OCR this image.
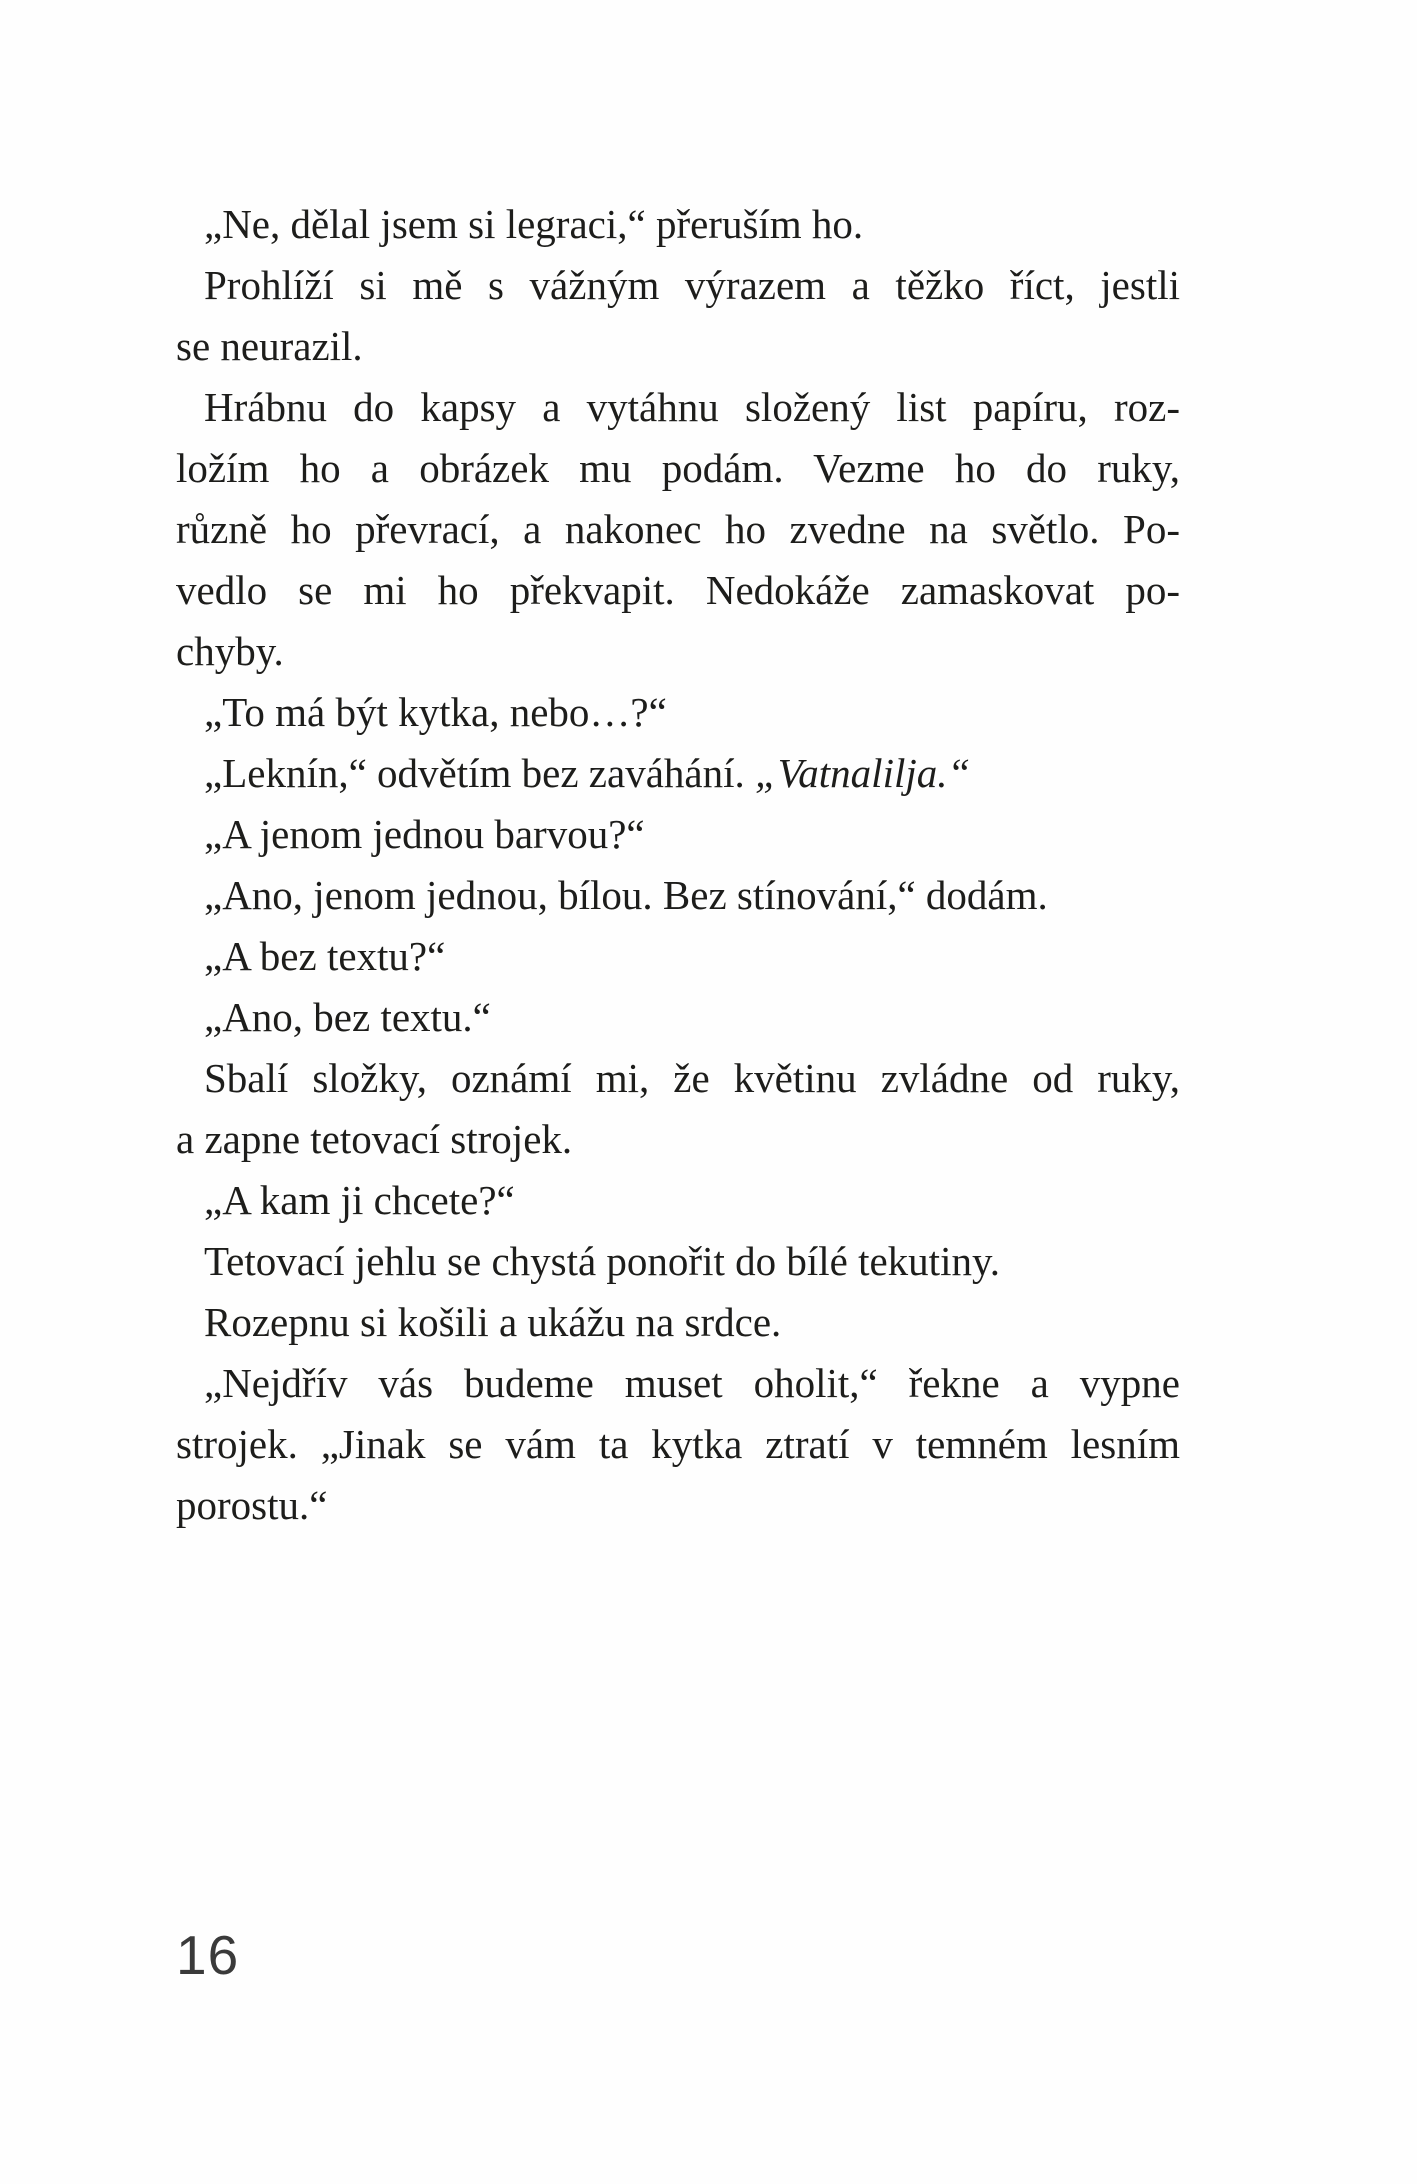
„Ne, dělal jsem si legraci,“ přeruším ho.
Prohlíží si mě s vážným výrazem a těžko říct, jestli
se neurazil.
Hrábnu do kapsy a vytáhnu složený list papíru, roz-
ložím ho a obrázek mu podám. Vezme ho do ruky,
různě ho převrací, a nakonec ho zvedne na světlo. Po-
vedlo se mi ho překvapit. Nedokáže zamaskovat po-
chyby.
„To má být kytka, nebo…?“
„Leknín,“ odvětím bez zaváhání. „Vatnalilja.“
„A jenom jednou barvou?“
„Ano, jenom jednou, bílou. Bez stínování,“ dodám.
„A bez textu?“
„Ano, bez textu.“
Sbalí složky, oznámí mi, že květinu zvládne od ruky,
a zapne tetovací strojek.
„A kam ji chcete?“
Tetovací jehlu se chystá ponořit do bílé tekutiny.
Rozepnu si košili a ukážu na srdce.
„Nejdřív vás budeme muset oholit,“ řekne a vypne
strojek. „Jinak se vám ta kytka ztratí v temném lesním
porostu.“
16
